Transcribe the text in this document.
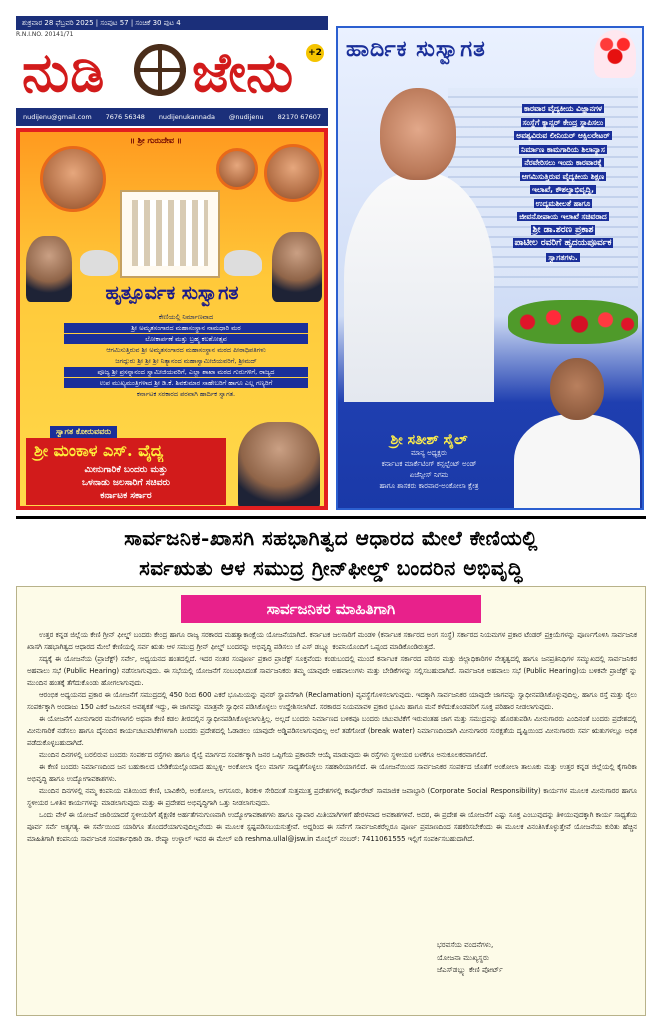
ಶುಕ್ರವಾರ 28 ಫೆಬ್ರವರಿ 2025 | ಸಂಪುಟ 57 | ಸಂಚಿಕೆ 30 ಪುಟ 4
R.N.I.NO. 20141/71
ನುಡಿ ಜೇನು +2
nudijenu@gmail.com 7676 56348 nudijenukannada @nudijenu 82170 67607
॥ ಶ್ರೀ ಗುರುದೇವ ॥
ಹೃತ್ಪೂರ್ವಕ ಸುಸ್ವಾಗತ

ಕೇಣಿಯಲ್ಲಿ ನಿರ್ಮಾಣವಾದ

ಶ್ರೀ ಅಮೃತಸಂಗಾರದ ಮಹಾಸಂಸ್ಥಾನ ನಾಮಧಾರಿ ಮಠ

ಲೋಕಾರ್ಪಣೆ ಮತ್ತು ಬ್ರಹ್ಮ ಕಲಶೋತ್ಸವ

ಆಗಮಿಸುತ್ತಿರುವ ಶ್ರೀ ಅಮೃತಸಂಗಾರದ ಮಹಾಸಂಸ್ಥಾನ ಮಠದ ಪೀಠಾಧಿಪತಿಗಳು

ಜಗದ್ಗುರು ಶ್ರೀ ಶ್ರೀ ಶ್ರೀ ನಿತ್ಯಾನಂದ ಮಹಾಸ್ವಾಮೀಜಿಯವರಿಗೆ, ಶ್ರೀಮದ್

ಪೂಜ್ಯ ಶ್ರೀ ಪ್ರಸನ್ನಾನಂದ ಸ್ವಾಮೀಜಿಯವರಿಗೆ, ಎಲ್ಲಾ ಶಾಖಾ ಮಠದ ಗುರುಗಳಿಗೆ, ರಾಜ್ಯದ

ಉಪ ಮುಖ್ಯಮಂತ್ರಿಗಳಾದ ಶ್ರೀ ಡಿ.ಕೆ. ಶಿವಕುಮಾರ ಸಾಹೇಬರಿಗೆ ಹಾಗೂ ಎಲ್ಲ ಗಣ್ಯರಿಗೆ

ಕರ್ನಾಟಕ ಸರಕಾರದ ಪರವಾಗಿ ಹಾರ್ದಿಕ ಸ್ವಾಗತ.

ಸ್ವಾಗತ ಕೋರುವವರು
ಶ್ರೀ ಮಂಕಾಳ ಎಸ್. ವೈದ್ಯ
ಮೀನುಗಾರಿಕೆ ಬಂದರು ಮತ್ತು
ಒಳನಾಡು ಜಲಸಾರಿಗೆ ಸಚಿವರು
ಕರ್ನಾಟಕ ಸರ್ಕಾರ
ಹಾರ್ದಿಕ ಸುಸ್ವಾಗತ
ಕಾರವಾರ ವೈದ್ಯಕೀಯ ವಿಜ್ಞಾನಗಳ
ಸಂಸ್ಥೆಗೆ ಕ್ಯಾನ್ಸರ್ ಕೇಂದ್ರ ಸ್ಥಾಪಿಸಲು
ಅವಶ್ಯವಿರುವ ಲೀನಿಯರ್ ಆಕ್ಸಿಲರೇಟರ್
ನಿರ್ಮಾಣ ಕಾಮಗಾರಿಯ ಶಿಲಾನ್ಯಾಸ
ನೆರವೇರಿಸಲು ಇಂದು ಕಾರವಾರಕ್ಕೆ
ಆಗಮಿಸುತ್ತಿರುವ ವೈದ್ಯಕೀಯ ಶಿಕ್ಷಣ
ಇಲಾಖೆ, ಕೌಶಲ್ಯಾಭಿವೃದ್ಧಿ,
ಉದ್ಯಮಶೀಲತೆ ಹಾಗೂ
ಜೀವನೋಪಾಯ ಇಲಾಖೆ ಸಚಿವರಾದ
ಶ್ರೀ ಡಾ.ಶರಣ ಪ್ರಕಾಶ
ಪಾಟೀಲ ರವರಿಗೆ ಹೃದಯಪೂರ್ವಕ
ಸ್ವಾಗತಗಳು.
ಶ್ರೀ ಸತೀಶ್ ಸೈಲ್
ಮಾನ್ಯ ಅಧ್ಯಕ್ಷರು
ಕರ್ನಾಟಕ ಮಾರ್ಕೆಟಿಂಗ್ ಕನ್ಸಲ್ಟೆಂಟ್ ಅಂಡ್
ಏಜೆನ್ಸೀಸ್ ನಿಗಮ
ಹಾಗೂ ಶಾಸಕರು ಕಾರವಾರ-ಅಂಕೋಲಾ ಕ್ಷೇತ್ರ
ಸಾರ್ವಜನಿಕ-ಖಾಸಗಿ ಸಹಭಾಗಿತ್ವದ ಆಧಾರದ ಮೇಲೆ ಕೇಣಿಯಲ್ಲಿ
ಸರ್ವಋತು ಆಳ ಸಮುದ್ರ ಗ್ರೀನ್‌ಫೀಲ್ಡ್ ಬಂದರಿನ ಅಭಿವೃದ್ಧಿ
ಸಾರ್ವಜನಿಕರ ಮಾಹಿತಿಗಾಗಿ

ಉತ್ತರ ಕನ್ನಡ ಜಿಲ್ಲೆಯ ಕೇಣಿ ಗ್ರೀನ್ ಫೀಲ್ಡ್ ಬಂದರು ಕೇಂದ್ರ ಹಾಗೂ ರಾಜ್ಯ ಸರಕಾರದ ಮಹತ್ವಾಕಾಂಕ್ಷೆಯ ಯೋಜನೆಯಾಗಿದೆ. ಕರ್ನಾಟಕ ಜಲಸಾರಿಗೆ ಮಂಡಳಿ (ಕರ್ನಾಟಕ ಸರ್ಕಾರದ ಅಂಗ ಸಂಸ್ಥೆ) ಸರ್ಕಾರದ ನಿಯಮಗಳ ಪ್ರಕಾರ ಟೆಂಡರ್ ಪ್ರಕ್ರಿಯೆಗಳನ್ನು ಪೂರ್ಣಗೊಳಿಸಿ ಸಾರ್ವಜನಿಕ ಖಾಸಗಿ ಸಹಭಾಗಿತ್ವದ ಆಧಾರದ ಮೇಲೆ ಕೇಣಿಯಲ್ಲಿ ಸರ್ವ ಋತು ಆಳ ಸಮುದ್ರ ಗ್ರೀನ್ ಫೀಲ್ಡ್ ಬಂದರನ್ನು ಅಭಿವೃದ್ಧಿ ಪಡಿಸಲು ಜೆ ಎಸ್ ಡಬ್ಲ್ಯೂ ಕಂಪನಿಯೊಂದಿಗೆ ಒಪ್ಪಂದ ಮಾಡಿಕೊಂಡಿರುತ್ತದೆ.

ಸದ್ಯಕ್ಕೆ ಈ ಯೋಜನೆಯ (ಪ್ರಾಜೆಕ್ಟ್) ಸರ್ವೇ, ಅಧ್ಯಯನದ ಹಂತದಲ್ಲಿದೆ. ಇದರ ನಂತರ ಸಂಪೂರ್ಣ ಪ್ರಕಾರ ಪ್ರಾಜೆಕ್ಟ್ ಸೂಕ್ತವೆಂದು ಕಂಡುಬಂದಲ್ಲಿ ಮುಂದೆ ಕರ್ನಾಟಕ ಸರ್ಕಾರದ ಪರಿಸರ ಮತ್ತು ಜಿಲ್ಲಾಧಿಕಾರಿಗಳ ನೇತೃತ್ವದಲ್ಲಿ ಹಾಗೂ ಜನಪ್ರತಿನಿಧಿಗಳ ಸಮ್ಮುಖದಲ್ಲಿ ಸಾರ್ವಜನಿಕರ ಅಹವಾಲು ಸಭೆ (Public Hearing) ನಡೆಸಲಾಗುವುದು. ಈ ಸಭೆಯಲ್ಲಿ ಯೋಜನೆಗೆ ಸಂಬಂಧಿಸಿದಂತೆ ಸಾರ್ವಜನಿಕರು ತಮ್ಮ ಯಾವುದೇ ಅಹವಾಲುಗಳು ಮತ್ತು ಬೇಡಿಕೆಗಳನ್ನು ಸಲ್ಲಿಸಬಹುದಾಗಿದೆ. ಸಾರ್ವಜನಿಕ ಅಹವಾಲು ಸಭೆ (Public Hearing)ಯ ಬಳಿಕವೇ ಪ್ರಾಜೆಕ್ಟ್ ನ್ನು ಮುಂದಿನ ಹಂತಕ್ಕೆ ತೆಗೆದುಕೊಂಡು ಹೋಗಲಾಗುವುದು.

ಆರಂಭಿಕ ಅಧ್ಯಯನದ ಪ್ರಕಾರ ಈ ಯೋಜನೆಗೆ ಸಮುದ್ರದಲ್ಲಿ 450 ರಿಂದ 600 ಎಕರೆ ಭೂಮಿಯನ್ನು ಪುನರ್ ಸ್ಥಾಪನೆಗಾಗಿ (Reclamation) ವ್ಯವಸ್ಥೆಗೊಳಿಸಲಾಗುವುದು. ಇದಕ್ಕಾಗಿ ಸಾರ್ವಜನಿಕರ ಯಾವುದೇ ಜಾಗವನ್ನು ಸ್ವಾಧೀನಪಡಿಸಿಕೊಳ್ಳುವುದಿಲ್ಲ. ಹಾಗೂ ರಸ್ತೆ ಮತ್ತು ರೈಲು ಸಂಪರ್ಕಕ್ಕಾಗಿ ಅಂದಾಜು 150 ಎಕರೆ ಜಮೀನಿನ ಅವಶ್ಯಕತೆ ಇದ್ದು, ಈ ಜಾಗವನ್ನು ಮಾತ್ರವೇ ಸ್ವಾಧೀನ ಪಡಿಸಿಕೊಳ್ಳಲು ಉದ್ದೇಶಿಸಲಾಗಿದೆ. ಸರಕಾರದ ನಿಯಮಾವಳಿ ಪ್ರಕಾರ ಭೂಮಿ ಹಾಗೂ ಮನೆ ಕಳೆದುಕೊಂಡವರಿಗೆ ಸೂಕ್ತ ಪರಿಹಾರ ನೀಡಲಾಗುವುದು.

ಈ ಯೋಜನೆಗೆ ಮೀನುಗಾರರ ಮನೆಗಳಾಗಲಿ ಅಥವಾ ಕೇಣಿ ಕಡಲ ತೀರದಲ್ಲಿನ ಸ್ವಾಧೀನಪಡಿಸಿಕೊಳ್ಳಲಾಗುತ್ತಿಲ್ಲ. ಅಲ್ಲದೆ ಬಂದರು ನಿರ್ಮಾಣದ ಬಳಿಕವೂ ಬಂದರು ಚಟುವಟಿಕೆಗೆ ಇರುವಂತಹ ಜಾಗ ಮತ್ತು ಸಮುದ್ರವನ್ನು ಹೊರತುಪಡಿಸಿ ಮೀನುಗಾರರು ಎಂದಿನಂತೆ ಬಂದರು ಪ್ರದೇಶದಲ್ಲಿ ಮೀನುಗಾರಿಕೆ ನಡೆಸಲು ಹಾಗೂ ದೈನಂದಿನ ಕಾರ್ಯಚಟುವಟಿಕೆಗಳಿಗಾಗಿ ಬಂದರು ಪ್ರದೇಶದಲ್ಲಿ ಓಡಾಡಲು ಯಾವುದೇ ಅಡ್ಡಿಪಡಿಸಲಾಗುವುದಿಲ್ಲ ಅಲೆ ತಡೆಗೋಡೆ (break water) ನಿರ್ಮಾಣದಿಂದಾಗಿ ಮೀನುಗಾರರ ಸುರಕ್ಷತೆಯ ದೃಷ್ಟಿಯಿಂದ ಮೀನುಗಾರರು ಸರ್ವ ಋತುಗಳಲ್ಲೂ ಅಧಿಕ ಪಡೆದುಕೊಳ್ಳಬಹುದಾಗಿದೆ.

ಮುಂದಿನ ದಿನಗಳಲ್ಲಿ ಬರಲಿರುವ ಬಂದರು ಸಂಪರ್ಕದ ರಸ್ತೆಗಳು ಹಾಗೂ ರೈಲ್ವೆ ಮಾರ್ಗದ ಸಂಪರ್ಕಕ್ಕಾಗಿ ಜನರ ಒಪ್ಪಿಗೆಯ ಪ್ರಕಾರವೇ ಆಯ್ಕೆ ಮಾಡುವುದು ಈ ರಸ್ತೆಗಳು ಸ್ಥಳೀಯರ ಬಳಕೆಗೂ ಅನುಕೂಲಕರವಾಗಲಿದೆ.

ಈ ಕೇಣಿ ಬಂದರು ನಿರ್ಮಾಣದಿಂದ ಜನ ಬಹುಕಾಲದ ಬೇಡಿಕೆಯಲ್ಲೊಂದಾದ ಹುಬ್ಬಳ್ಳಿ- ಅಂಕೋಲಾ ರೈಲು ಮಾರ್ಗ ಸಾಧ್ಯತೆಗೊಳ್ಳಲು ಸಹಕಾರಿಯಾಗಲಿದೆ. ಈ ಯೋಜನೆಯಿಂದ ಸಾರ್ವಜನಿಕರ ಸಂಪರ್ಕದ ಜೊತೆಗೆ ಅಂಕೋಲಾ ತಾಲೂಕು ಮತ್ತು ಉತ್ತರ ಕನ್ನಡ ಜಿಲ್ಲೆಯಲ್ಲಿ ಕೈಗಾರಿಕಾ ಅಭಿವೃದ್ಧಿ ಹಾಗೂ ಉದ್ಯೋಗಾವಕಾಶಗಳು.

ಮುಂದಿನ ದಿನಗಳಲ್ಲಿ ನಮ್ಮ ಕಂಪನಿಯ ವತಿಯಿಂದ ಕೇಣಿ, ಬಾವಿಕೇರಿ, ಅಂಕೋಲಾ, ಅಗಸೂರು, ಶಿರಕುಳಿ ಸೇರಿದಂತೆ ಸುತ್ತಮುತ್ತ ಪ್ರದೇಶಗಳಲ್ಲಿ ಕಾರ್ಪೊರೇಟ್ ಸಾಮಾಜಿಕ ಜವಾಬ್ದಾರಿ (Corporate Social Responsibility) ಕಾರ್ಯಗಳ ಮೂಲಕ ಮೀನುಗಾರರ ಹಾಗೂ ಸ್ಥಳೀಯರ ಒಳಿತಿನ ಕಾರ್ಯಗಳನ್ನು ಮಾಡಲಾಗುವುದು ಮತ್ತು ಈ ಪ್ರದೇಶದ ಅಭಿವೃದ್ಧಿಗಾಗಿ ಒತ್ತು ನೀಡಲಾಗುವುದು.

ಒಂದು ವೇಳೆ ಈ ಯೋಜನೆ ಜಾರಿಯಾದರೆ ಸ್ಥಳೀಯರಿಗೆ ಶೈಕ್ಷಣಿಕ ಅರ್ಹತೆಗನುಗುಣವಾಗಿ ಉದ್ಯೋಗಾವಕಾಶಗಳು ಹಾಗೂ ವ್ಯಾಪಾರ ಮಿತಿಯಾಗಿಗಳಿಗೆ ಹೇರಳವಾದ ಅವಕಾಶಗಳಿವೆ. ಅದರ, ಈ ಪ್ರದೇಶ ಈ ಯೋಜನೆಗೆ ಎಷ್ಟು ಸೂಕ್ತ ಎಂಬುವುದನ್ನು ತಿಳಿಯುವುದಕ್ಕಾಗಿ ಕಾರ್ಯ ಸಾಧ್ಯತೆಯ ಪೂರ್ವ ಸರ್ವೆ ಅತ್ಯಗತ್ಯ. ಈ ಸರ್ವೆಯಿಂದ ಯಾರಿಗೂ ತೊಂದರೆಯಾಗುವುದಿಲ್ಲವೆಂದು ಈ ಮೂಲಕ ಸ್ಪಷ್ಟಪಡಿಸಬಯಸುತ್ತೇವೆ. ಅದ್ದರಿಂದ ಈ ಸರ್ವೆಗೆ ಸಾರ್ವಜನಿಕರೆಲ್ಲರೂ ಪೂರ್ಣ ಪ್ರಮಾಣದಿಂದ ಸಹಕರಿಸಬೇಕೆಂದು ಈ ಮೂಲಕ ವಿನಂತಿಸಿಕೊಳ್ಳುತ್ತೇವೆ ಯೋಜನೆಯ ಕುರಿತು ಹೆಚ್ಚಿನ ಮಾಹಿತಿಗಾಗಿ ಕಂಪನಿಯ ಸಾರ್ವಜನಿಕ ಸಂಪರ್ಕಾಧಿಕಾರಿ ಡಾ. ರೇಷ್ಮಾ ಉಳ್ಳಾಲ್ ಇವರ ಈ ಮೇಲ್ ಐಡಿ reshma.ullal@jsw.in ಮೊಬೈಲ್ ನಂಬರ್: 7411061555 ಇಲ್ಲಿಗೆ ಸಂಪರ್ಕಿಸಬಹುದಾಗಿದೆ.

ಭರವಸೆಯ ವಂದನೆಗಳು,
ಯೋಜನಾ ಮುಖ್ಯಸ್ಥರು
ಜೆಎಸ್‌ಡಬ್ಲ್ಯು ಕೇಣಿ ಪೋರ್ಟ್
